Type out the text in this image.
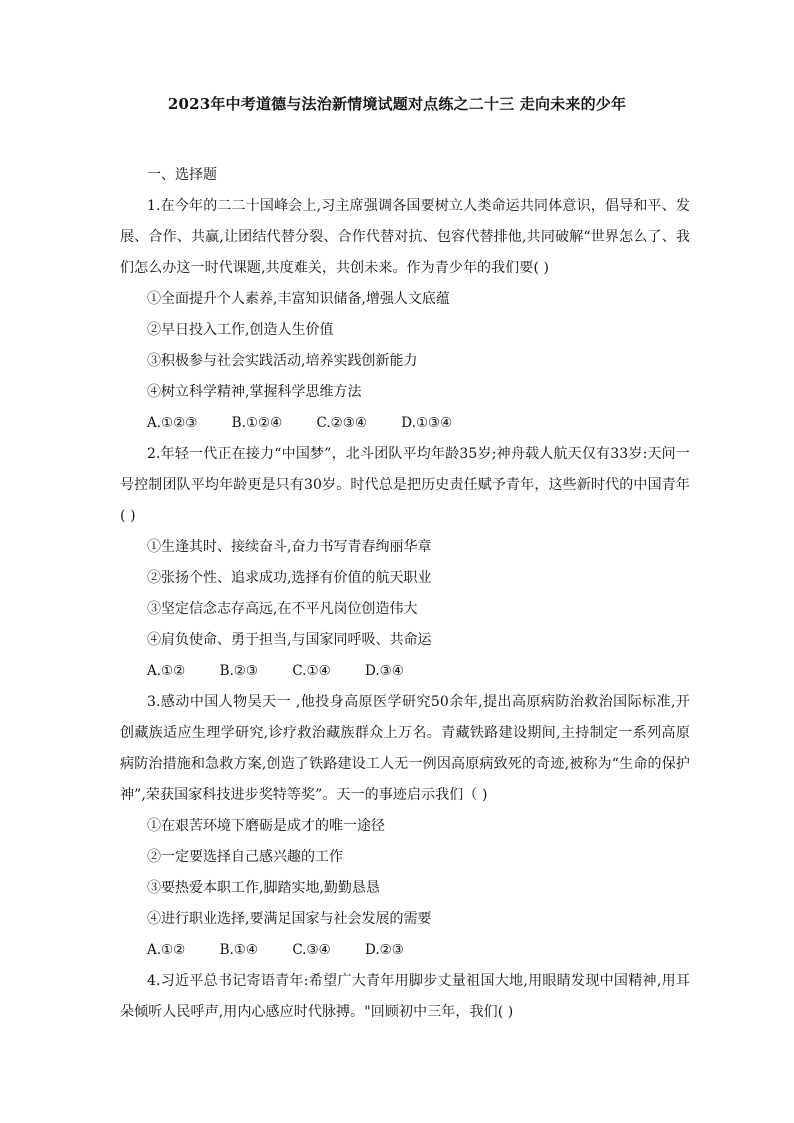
2023年中考道德与法治新情境试题对点练之二十三 走向未来的少年
一、选择题
1.在今年的二二十国峰会上,习主席强调各国要树立人类命运共同体意识，倡导和平、发展、合作、共赢,让团结代替分裂、合作代替对抗、包容代替排他,共同破解“世界怎么了、我们怎么办这一时代课题,共度难关，共创未来。作为青少年的我们要( )
①全面提升个人素养,丰富知识储备,增强人文底蕴
②早日投入工作,创造人生价值
③积极参与社会实践活动,培养实践创新能力
④树立科学精神,掌握科学思维方法
A.①②③        B.①②④        C.②③④        D.①③④
2.年轻一代正在接力“中国梦”，北斗团队平均年龄35岁;神舟载人航天仅有33岁:天问一号控制团队平均年龄更是只有30岁。时代总是把历史责任赋予青年，这些新时代的中国青年( )
①生逢其时、接续奋斗,奋力书写青春绚丽华章
②张扬个性、追求成功,选择有价值的航天职业
③坚定信念志存高远,在不平凡岗位创造伟大
④肩负使命、勇于担当,与国家同呼吸、共命运
A.①②        B.②③        C.①④        D.③④
3.感动中国人物吴天一 ,他投身高原医学研究50余年,提出高原病防治救治国际标准,开创藏族适应生理学研究,诊疗救治藏族群众上万名。青藏铁路建设期间,主持制定一系列高原病防治措施和急救方案,创造了铁路建设工人无一例因高原病致死的奇迹,被称为“生命的保护神”,荣获国家科技进步奖特等奖”。天一的事迹启示我们（ )
①在艰苦环境下磨砺是成才的唯一途径
②一定要选择自己感兴趣的工作
③要热爱本职工作,脚踏实地,勤勤恳恳
④进行职业选择,要满足国家与社会发展的需要
A.①②        B.①④        C.③④        D.②③
4.习近平总书记寄语青年:希望广大青年用脚步丈量祖国大地,用眼睛发现中国精神,用耳朵倾听人民呼声,用内心感应时代脉搏。"回顾初中三年，我们( )
